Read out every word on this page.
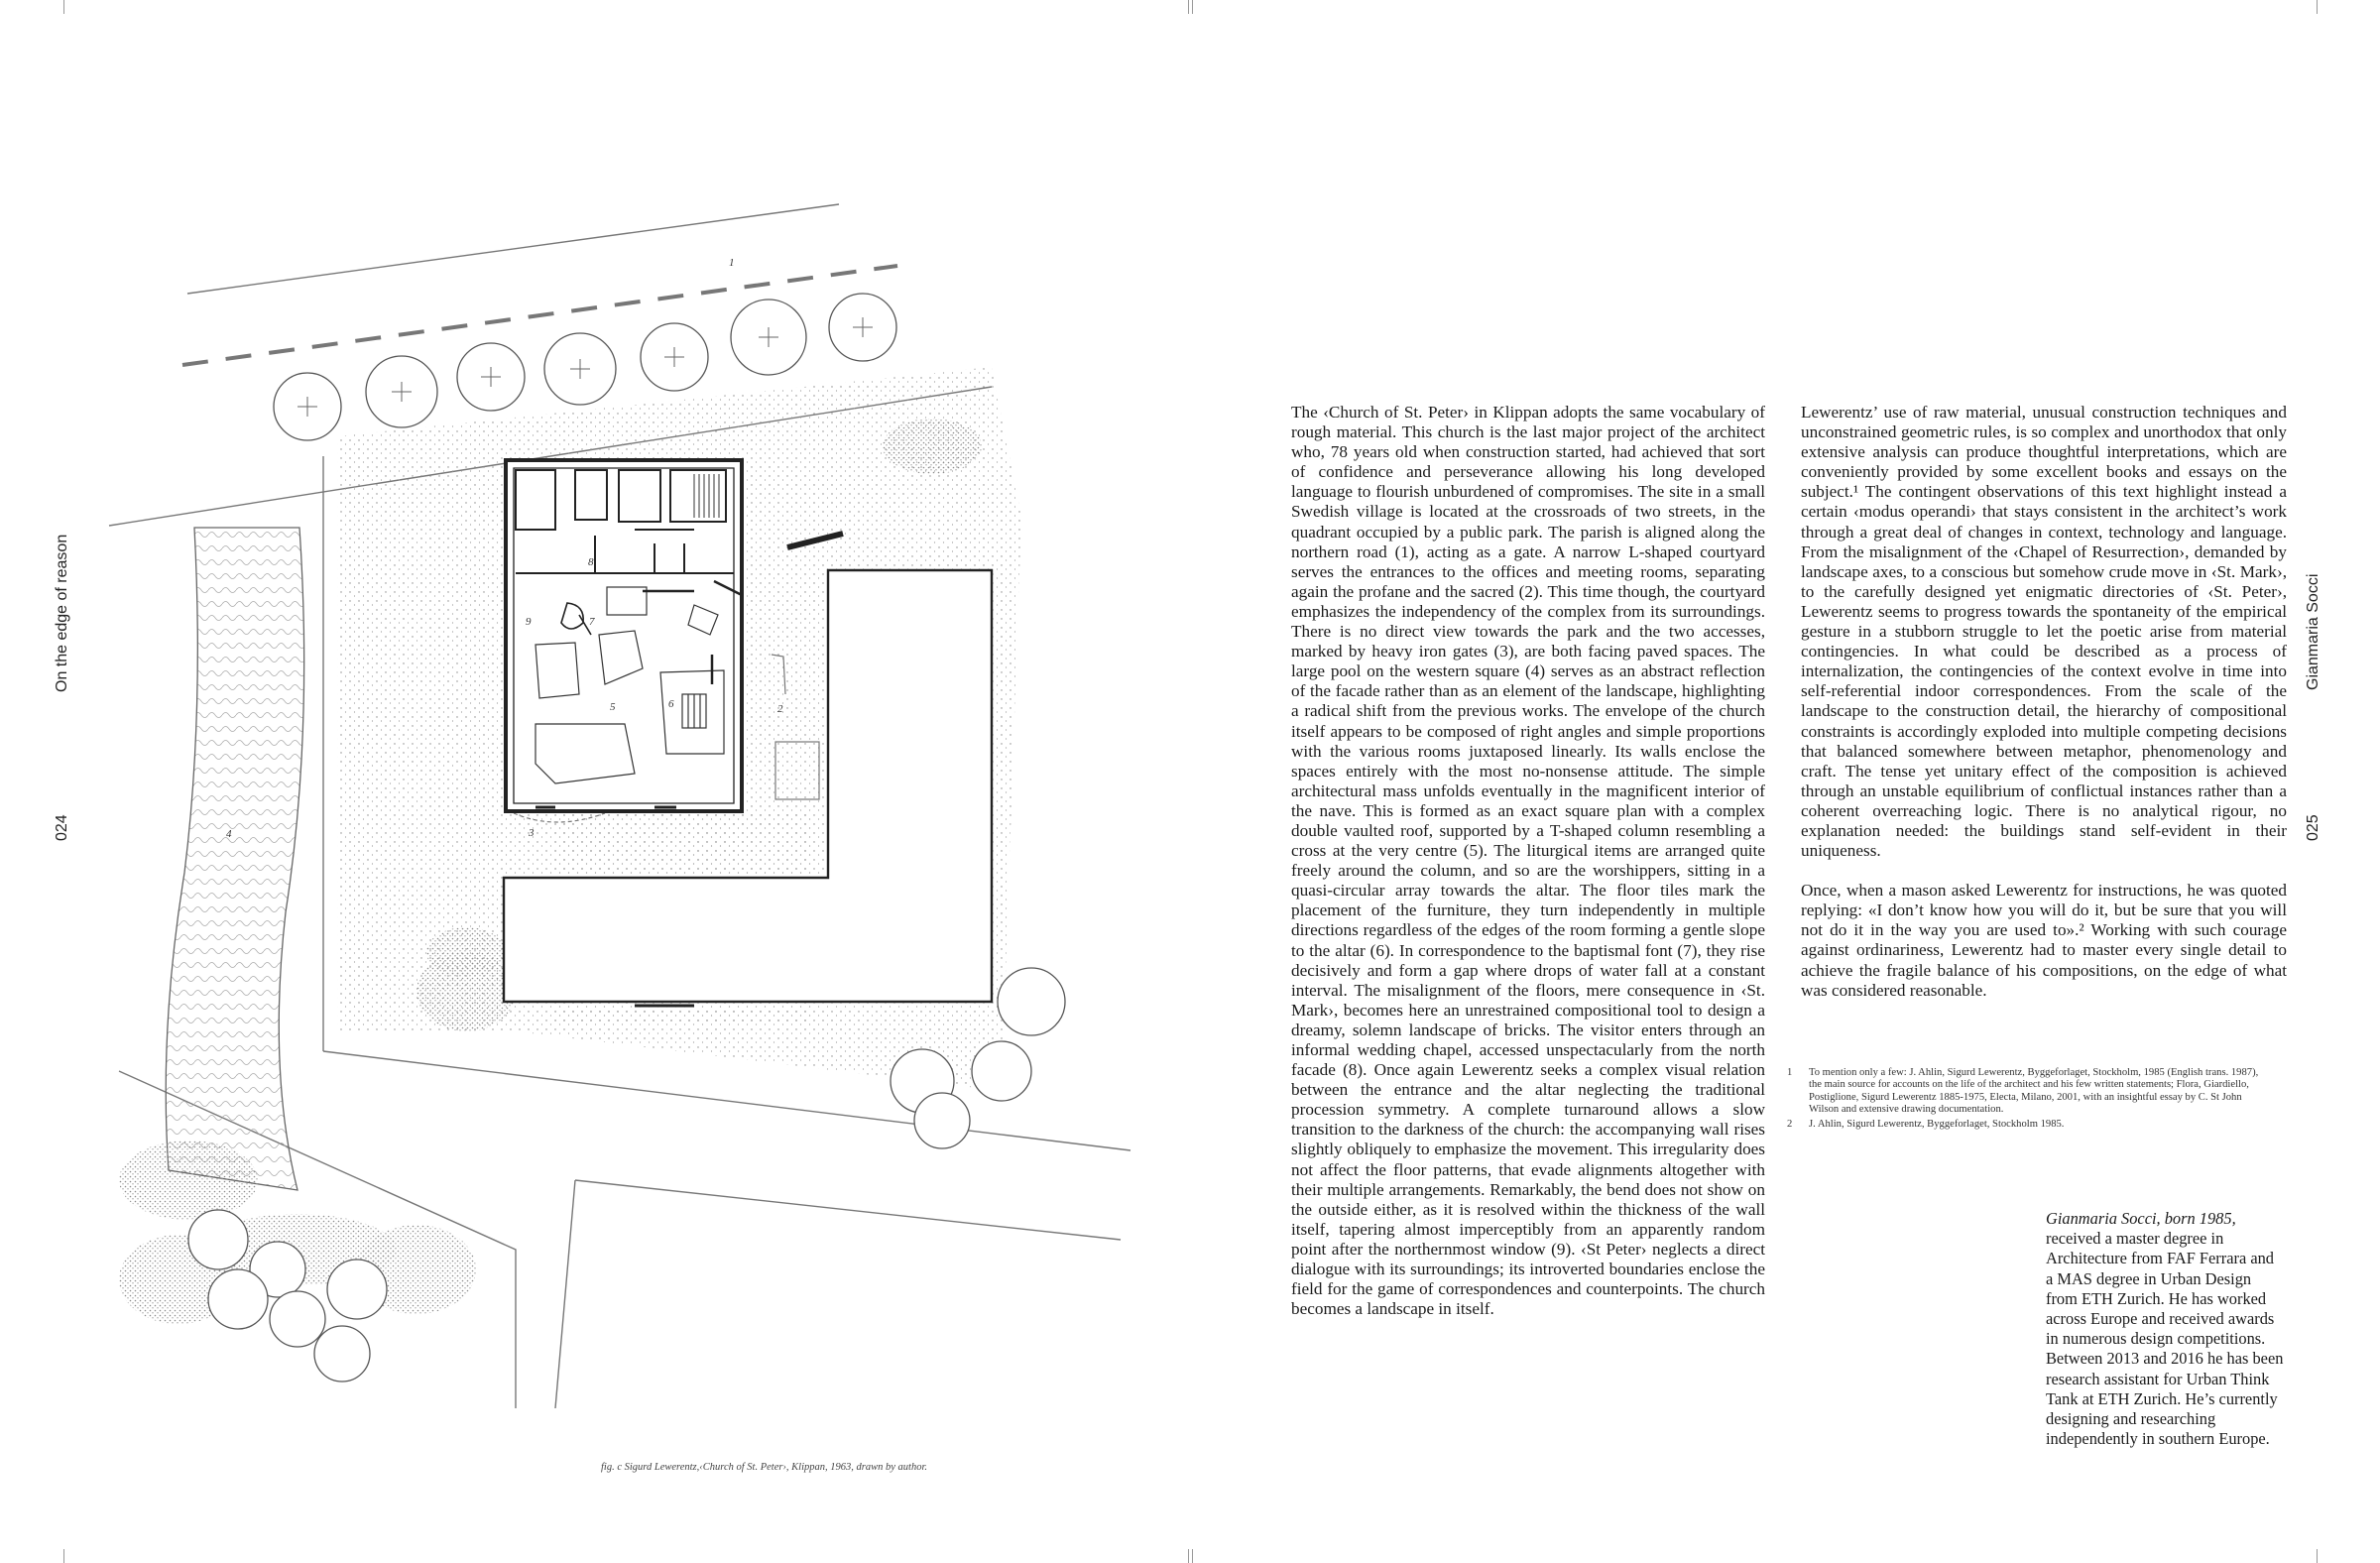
On the edge of reason
024
Gianmaria Socci
025
1
2
3
4
5	6
7
8
9
fig. c Sigurd Lewerentz,‹Church of St. Peter›, Klippan, 1963, drawn by author.

The ‹Church of St. Peter› in Klippan adopts the same vocabulary of rough material. This church is the last major project of the architect who, 78 years old when construction started, had achieved that sort of confidence and perseverance allowing his long developed language to flourish unburdened of compromises. The site in a small Swedish village is located at the crossroads of two streets, in the quadrant occupied by a public park. The parish is aligned along the northern road (1), acting as a gate. A narrow L-shaped courtyard serves the entrances to the offices and meeting rooms, separating again the profane and the sacred (2). This time though, the courtyard emphasizes the independency of the complex from its surroundings. There is no direct view towards the park and the two accesses, marked by heavy iron gates (3), are both facing paved spaces. The large pool on the western square (4) serves as an abstract reflection of the facade rather than as an element of the landscape, highlighting a radical shift from the previous works. The envelope of the church itself appears to be composed of right angles and simple proportions with the various rooms juxtaposed linearly. Its walls enclose the spaces entirely with the most no-nonsense attitude. The simple architectural mass unfolds eventually in the magnificent interior of the nave. This is formed as an exact square plan with a complex double vaulted roof, supported by a T-shaped column resembling a cross at the very centre (5). The liturgical items are arranged quite freely around the column, and so are the worshippers, sitting in a quasi-circular array towards the altar. The floor tiles mark the placement of the furniture, they turn independently in multiple directions regardless of the edges of the room forming a gentle slope to the altar (6). In correspondence to the baptismal font (7), they rise decisively and form a gap where drops of water fall at a constant interval. The misalignment of the floors, mere consequence in ‹St. Mark›, becomes here an unrestrained compositional tool to design a dreamy, solemn landscape of bricks. The visitor enters through an informal wedding chapel, accessed unspectacularly from the north facade (8). Once again Lewerentz seeks a complex visual relation between the entrance and the altar neglecting the traditional procession symmetry. A complete turnaround allows a slow transition to the darkness of the church: the accompanying wall rises slightly obliquely to emphasize the movement. This irregularity does not affect the floor patterns, that evade alignments altogether with their multiple arrangements. Remarkably, the bend does not show on the outside either, as it is resolved within the thickness of the wall itself, tapering almost imperceptibly from an apparently random point after the northernmost window (9). ‹St Peter› neglects a direct dialogue with its surroundings; its introverted boundaries enclose the field for the game of correspondences and counterpoints. The church becomes a landscape in itself.

Lewerentz’ use of raw material, unusual construction techniques and unconstrained geometric rules, is so complex and unorthodox that only extensive analysis can produce thoughtful interpretations, which are conveniently provided by some excellent books and essays on the subject.¹ The contingent observations of this text highlight instead a certain ‹modus operandi› that stays consistent in the architect’s work through a great deal of changes in context, technology and language. From the misalignment of the ‹Chapel of Resurrection›, demanded by landscape axes, to a conscious but somehow crude move in ‹St. Mark›, to the carefully designed yet enigmatic directories of ‹St. Peter›, Lewerentz seems to progress towards the spontaneity of the empirical gesture in a stubborn struggle to let the poetic arise from material contingencies. In what could be described as a process of internalization, the contingencies of the context evolve in time into self-referential indoor correspondences. From the scale of the landscape to the construction detail, the hierarchy of compositional constraints is accordingly exploded into multiple competing decisions that balanced somewhere between metaphor, phenomenology and craft. The tense yet unitary effect of the composition is achieved through an unstable equilibrium of conflictual instances rather than a coherent overreaching logic. There is no analytical rigour, no explanation needed: the buildings stand self-evident in their uniqueness.

Once, when a mason asked Lewerentz for instructions, he was quoted replying: «I don’t know how you will do it, but be sure that you will not do it in the way you are used to».² Working with such courage against ordinariness, Lewerentz had to master every single detail to achieve the fragile balance of his compositions, on the edge of what was considered reasonable.

1 To mention only a few: J. Ahlin, Sigurd Lewerentz, Byggeforlaget, Stockholm, 1985 (English trans. 1987), the main source for accounts on the life of the architect and his few written statements; Flora, Giardiello, Postiglione, Sigurd Lewerentz 1885-1975, Electa, Milano, 2001, with an insightful essay by C. St John Wilson and extensive drawing documentation.
2 J. Ahlin, Sigurd Lewerentz, Byggeforlaget, Stockholm 1985.
Gianmaria Socci, born 1985, received a master degree in Architecture from FAF Ferrara and a MAS degree in Urban Design from ETH Zurich. He has worked across Europe and received awards in numerous design competitions. Between 2013 and 2016 he has been research assistant for Urban Think Tank at ETH Zurich. He’s currently designing and researching independently in southern Europe.
